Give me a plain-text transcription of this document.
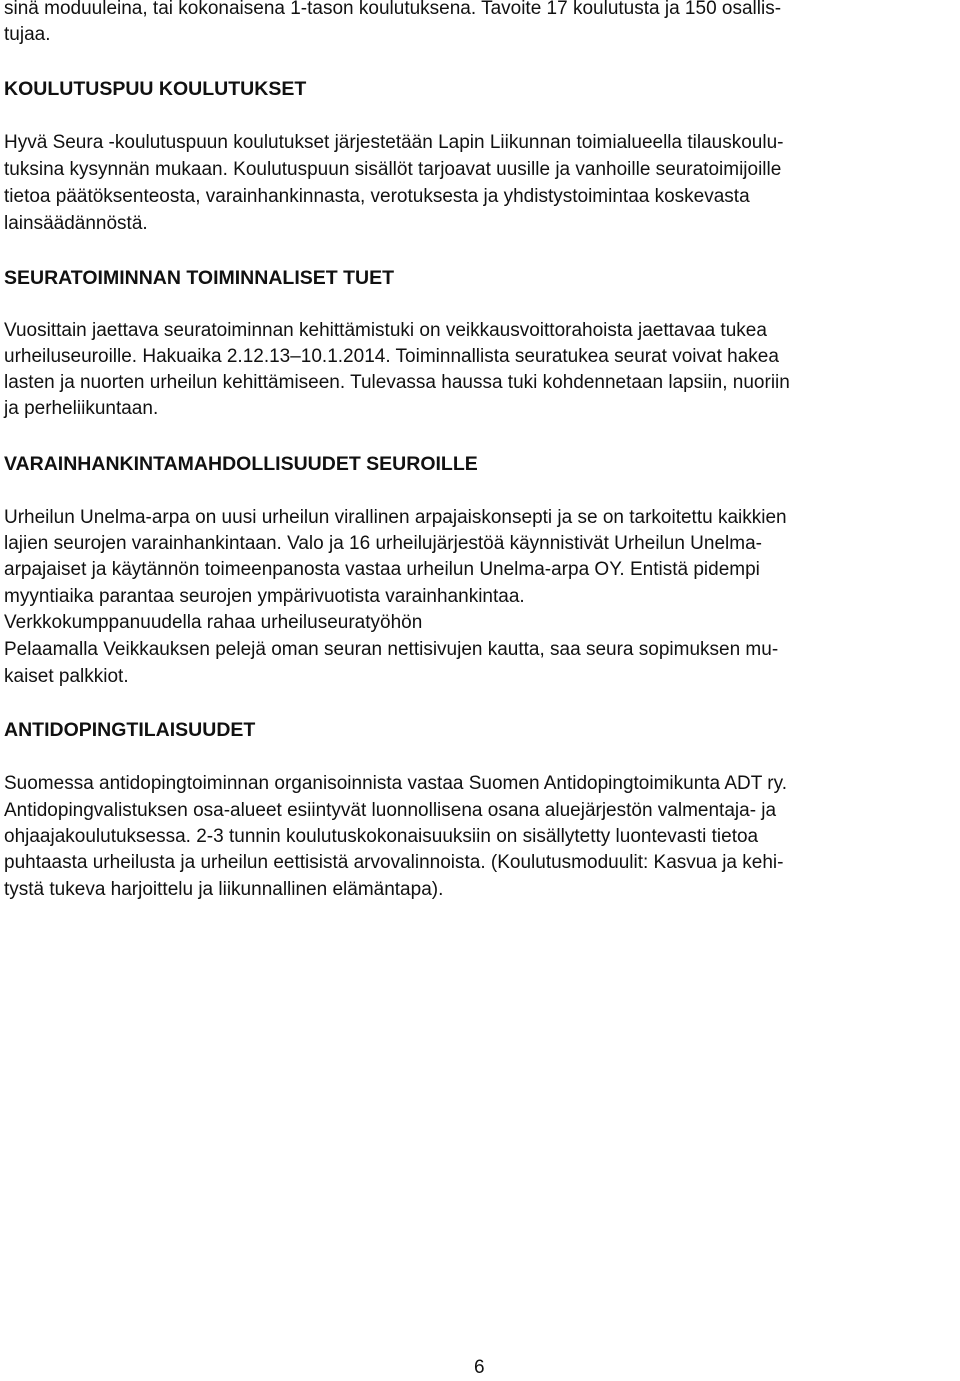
sinä moduuleina, tai kokonaisena 1-tason koulutuksena. Tavoite 17 koulutusta ja 150 osallis-
tujaa.
KOULUTUSPUU KOULUTUKSET
Hyvä Seura -koulutuspuun koulutukset järjestetään Lapin Liikunnan toimialueella tilauskoulu-
tuksina kysynnän mukaan. Koulutuspuun sisällöt tarjoavat uusille ja vanhoille seuratoimijoille
tietoa päätöksenteosta, varainhankinnasta, verotuksesta ja yhdistystoimintaa koskevasta
lainsäädännöstä.
SEURATOIMINNAN TOIMINNALISET TUET
Vuosittain jaettava seuratoiminnan kehittämistuki on veikkausvoittorahoista jaettavaa tukea
urheiluseuroille. Hakuaika 2.12.13–10.1.2014. Toiminnallista seuratukea seurat voivat hakea
lasten ja nuorten urheilun kehittämiseen. Tulevassa haussa tuki kohdennetaan lapsiin, nuoriin
ja perheliikuntaan.
VARAINHANKINTAMAHDOLLISUUDET SEUROILLE
Urheilun Unelma-arpa on uusi urheilun virallinen arpajaiskonsepti ja se on tarkoitettu kaikkien
lajien seurojen varainhankintaan. Valo ja 16 urheilujärjestöä käynnistivät Urheilun Unelma-
arpajaiset ja käytännön toimeenpanosta vastaa urheilun Unelma-arpa OY. Entistä pidempi
myyntiaika parantaa seurojen ympärivuotista varainhankintaa.
Verkkokumppanuudella rahaa urheiluseuratyöhön
Pelaamalla Veikkauksen pelejä oman seuran nettisivujen kautta, saa seura sopimuksen mu-
kaiset palkkiot.
ANTIDOPINGTILAISUUDET
Suomessa antidopingtoiminnan organisoinnista vastaa Suomen Antidopingtoimikunta ADT ry.
Antidopingvalistuksen osa-alueet esiintyvät luonnollisena osana aluejärjestön valmentaja- ja
ohjaajakoulutuksessa. 2-3 tunnin koulutuskokonaisuuksiin on sisällytetty luontevasti tietoa
puhtaasta urheilusta ja urheilun eettisistä arvovalinnoista. (Koulutusmoduulit: Kasvua ja kehi-
tystä tukeva harjoittelu ja liikunnallinen elämäntapa).
6
